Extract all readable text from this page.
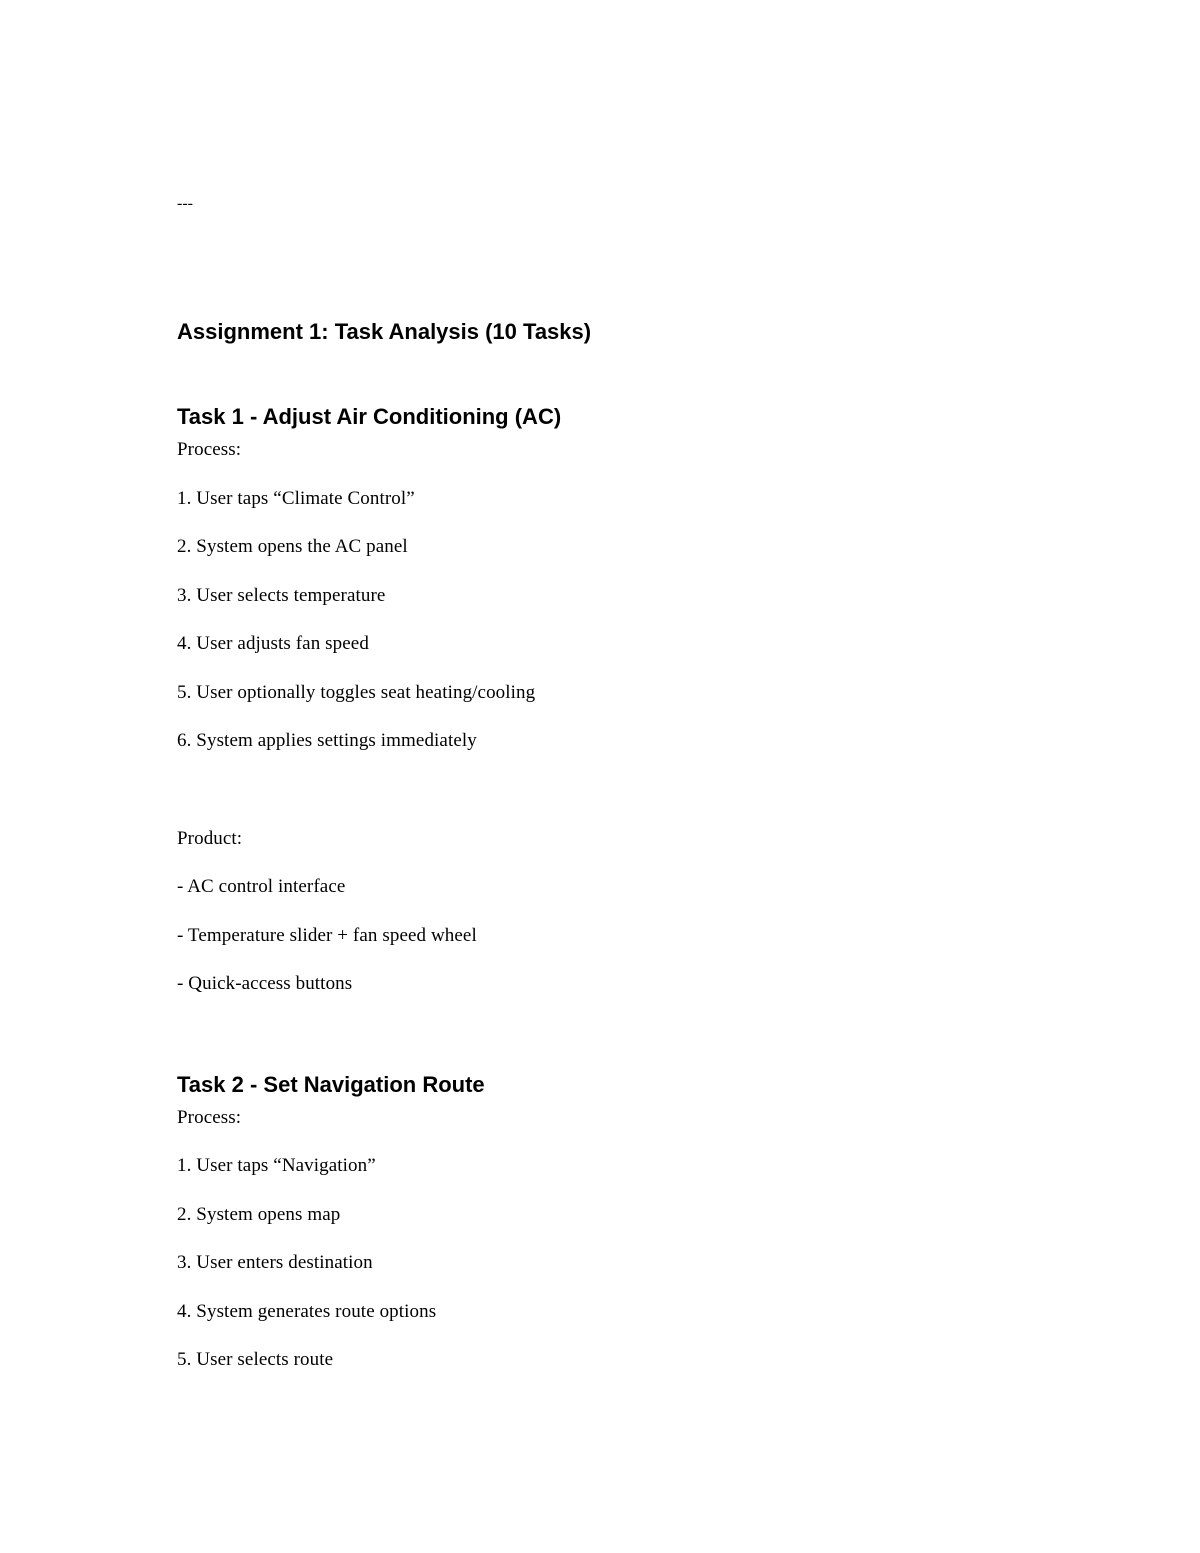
---
Assignment 1: Task Analysis (10 Tasks)
Task 1 - Adjust Air Conditioning (AC)
Process:
1. User taps “Climate Control”
2. System opens the AC panel
3. User selects temperature
4. User adjusts fan speed
5. User optionally toggles seat heating/cooling
6. System applies settings immediately
Product:
- AC control interface
- Temperature slider + fan speed wheel
- Quick-access buttons
Task 2 - Set Navigation Route
Process:
1. User taps “Navigation”
2. System opens map
3. User enters destination
4. System generates route options
5. User selects route
